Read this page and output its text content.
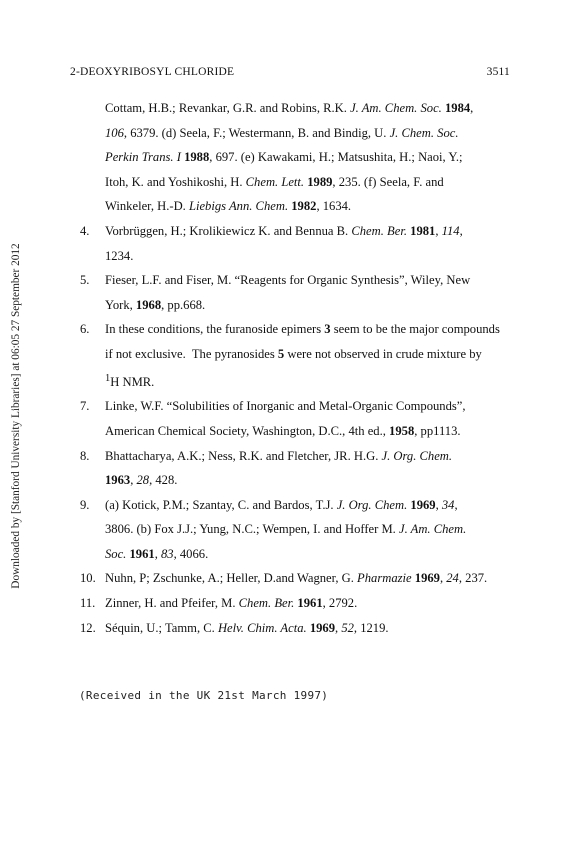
2-DEOXYRIBOSYL CHLORIDE	3511
Downloaded by [Stanford University Libraries] at 06:05 27 September 2012
Cottam, H.B.; Revankar, G.R. and Robins, R.K. J. Am. Chem. Soc. 1984,
106, 6379. (d) Seela, F.; Westermann, B. and Bindig, U. J. Chem. Soc.
Perkin Trans. I 1988, 697. (e) Kawakami, H.; Matsushita, H.; Naoi, Y.;
Itoh, K. and Yoshikoshi, H. Chem. Lett. 1989, 235. (f) Seela, F. and
Winkeler, H.-D. Liebigs Ann. Chem. 1982, 1634.
4. Vorbrüggen, H.; Krolikiewicz K. and Bennua B. Chem. Ber. 1981, 114,
1234.
5. Fieser, L.F. and Fiser, M. “Reagents for Organic Synthesis”, Wiley, New
York, 1968, pp.668.
6. In these conditions, the furanoside epimers 3 seem to be the major compounds
if not exclusive.  The pyranosides 5 were not observed in crude mixture by
$^1$H NMR.
7. Linke, W.F. “Solubilities of Inorganic and Metal-Organic Compounds”,
American Chemical Society, Washington, D.C., 4th ed., 1958, pp1113.
8. Bhattacharya, A.K.; Ness, R.K. and Fletcher, JR. H.G. J. Org. Chem.
1963, 28, 428.
9. (a) Kotick, P.M.; Szantay, C. and Bardos, T.J. J. Org. Chem. 1969, 34,
3806. (b) Fox J.J.; Yung, N.C.; Wempen, I. and Hoffer M. J. Am. Chem.
Soc. 1961, 83, 4066.
10. Nuhn, P; Zschunke, A.; Heller, D.and Wagner, G. Pharmazie 1969, 24, 237.
11. Zinner, H. and Pfeifer, M. Chem. Ber. 1961, 2792.
12. Séquin, U.; Tamm, C. Helv. Chim. Acta. 1969, 52, 1219.
(Received in the UK 21st March 1997)
